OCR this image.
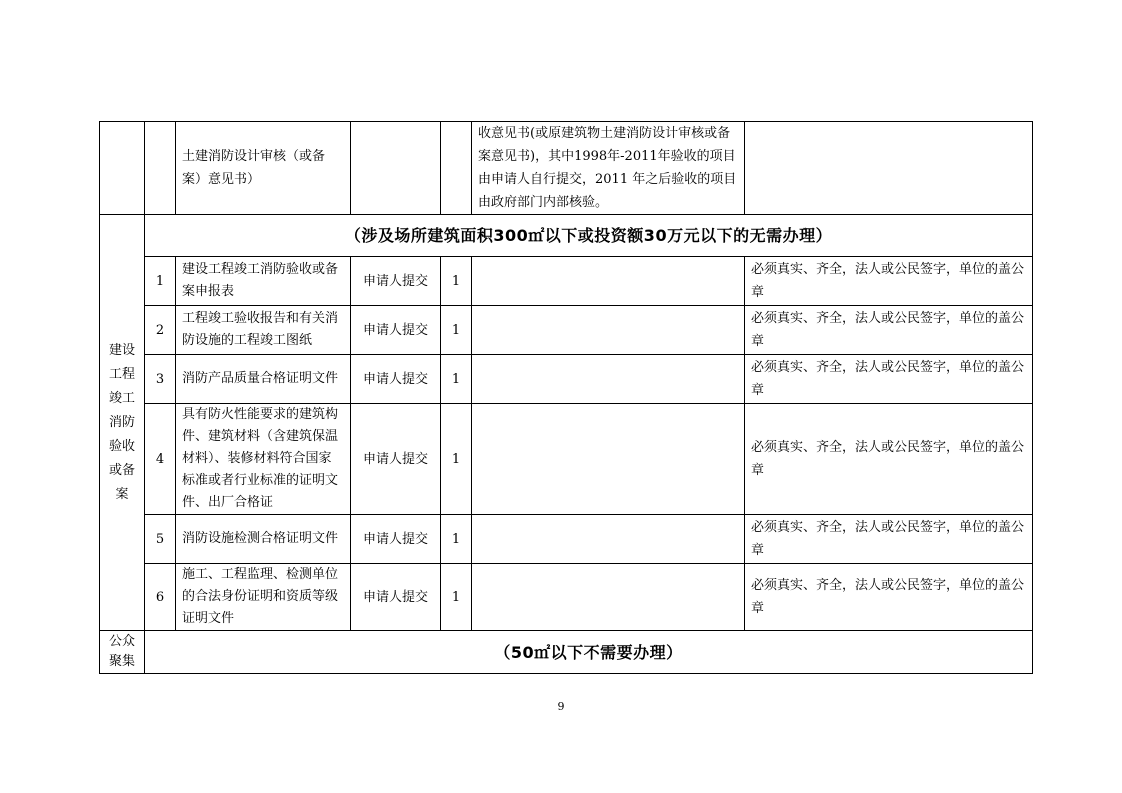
		土建消防设计审核（或备案）意见书）			收意见书(或原建筑物土建消防设计审核或备案意见书)，其中1998年-2011年验收的项目由申请人自行提交，2011 年之后验收的项目由政府部门内部核验。	
建设工程竣工消防验收或备案	（涉及场所建筑面积300㎡以下或投资额30万元以下的无需办理）					
	1	建设工程竣工消防验收或备案申报表	申请人提交	1		必须真实、齐全，法人或公民签字，单位的盖公章
	2	工程竣工验收报告和有关消防设施的工程竣工图纸	申请人提交	1		必须真实、齐全，法人或公民签字，单位的盖公章
	3	消防产品质量合格证明文件	申请人提交	1		必须真实、齐全，法人或公民签字，单位的盖公章
	4	具有防火性能要求的建筑构件、建筑材料（含建筑保温材料）、装修材料符合国家标准或者行业标准的证明文件、出厂合格证	申请人提交	1		必须真实、齐全，法人或公民签字，单位的盖公章
	5	消防设施检测合格证明文件	申请人提交	1		必须真实、齐全，法人或公民签字，单位的盖公章
	6	施工、工程监理、检测单位的合法身份证明和资质等级证明文件	申请人提交	1		必须真实、齐全，法人或公民签字，单位的盖公章
公众聚集	（50㎡以下不需要办理）					
9
